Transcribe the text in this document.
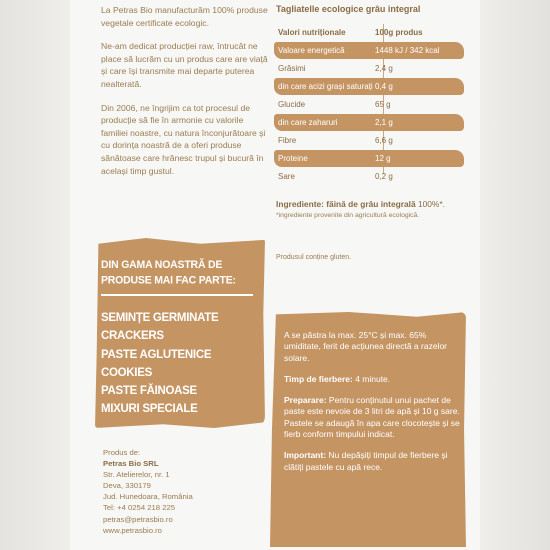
La Petras Bio manufacturăm 100% produse vegetale certificate ecologic.

Ne-am dedicat producției raw, întrucât ne place să lucrăm cu un produs care are viață și care își transmite mai departe puterea nealterată.

Din 2006, ne îngrijim ca tot procesul de producție să fie în armonie cu valorile familiei noastre, cu natura înconjurătoare și cu dorința noastră de a oferi produse sănătoase care hrănesc trupul și bucură în același timp gustul.

Tagliatelle ecologice grâu integral
Valori nutriționale	100g produs
Valoare energetică	1448 kJ / 342 kcal
Grăsimi	2,4 g
din care acizi grași saturați 0,4 g
Glucide	65 g
din care zaharuri	2,1 g
Fibre	6,6 g
Proteine	12 g
Sare	0,2 g
Ingrediente: făină de grâu integrală 100%*.
*ingrediente provenite din agricultură ecologică.
Produsul conține gluten.
DIN GAMA NOASTRĂ DE PRODUSE MAI FAC PARTE:
SEMINȚE GERMINATE
CRACKERS
PASTE AGLUTENICE
COOKIES
PASTE FĂINOASE
MIXURI SPECIALE
Produs de:
Petras Bio SRL
Str. Atelierelor, nr. 1
Deva, 330179
Jud. Hunedoara, România
Tel: +4 0254 218 225
petras@petrasbio.ro
www.petrasbio.ro

A se păstra la max. 25°C și max. 65% umiditate, ferit de acțiunea directă a razelor solare.

Timp de fierbere: 4 minute.

Preparare: Pentru conținutul unui pachet de paste este nevoie de 3 litri de apă și 10 g sare. Pastele se adaugă în apa care clocotește și se fierb conform timpului indicat.

Important: Nu depășiți timpul de fierbere și clătiți pastele cu apă rece.
